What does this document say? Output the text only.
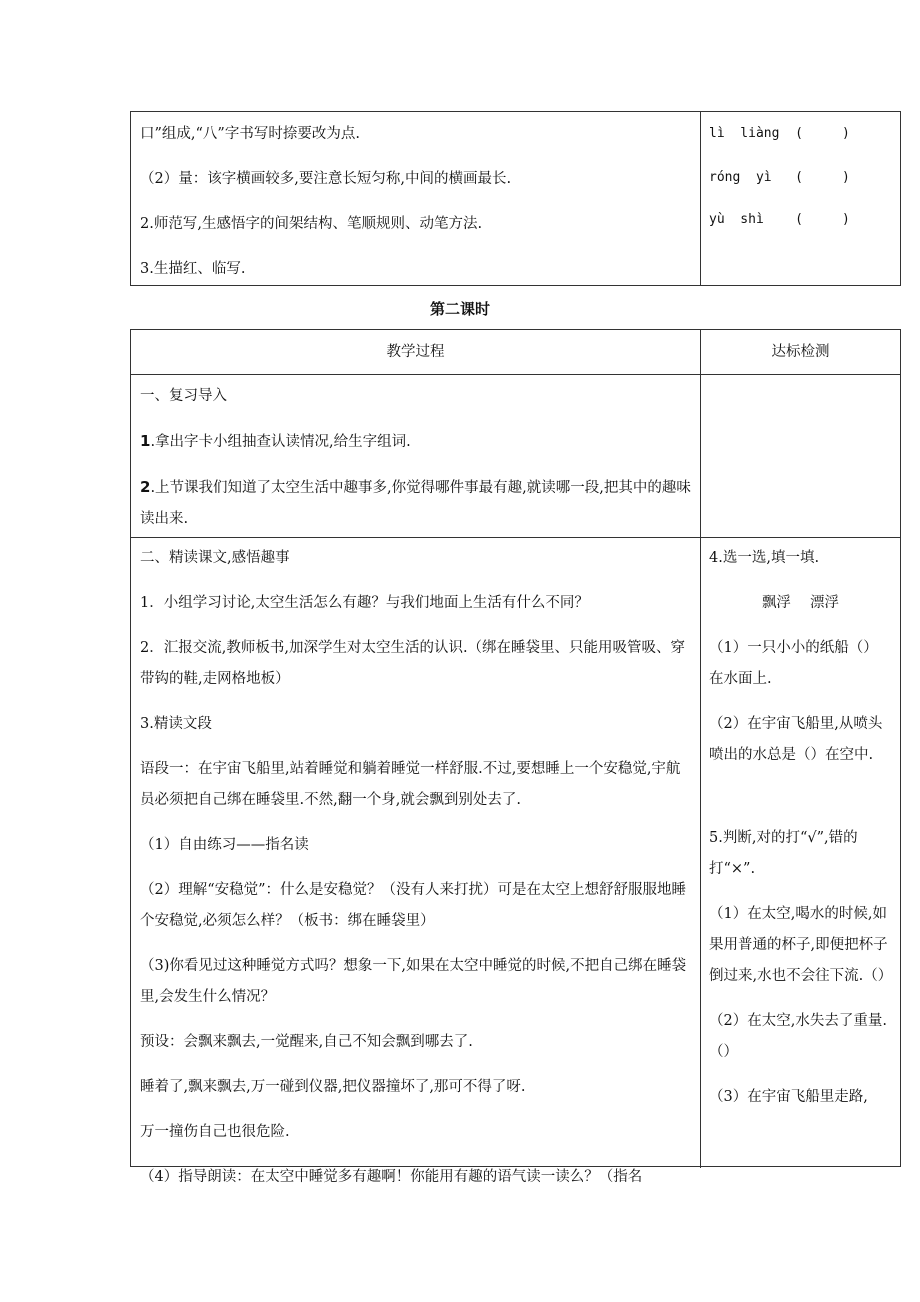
口”组成,“八”字书写时捺要改为点.

（2）量：该字横画较多,要注意长短匀称,中间的横画最长.

2.师范写,生感悟字的间架结构、笔顺规则、动笔方法.

3.生描红、临写.

lì  liàng  (     )

róng  yì   (     )

yù  shì    (     )

第二课时
教学过程	达标检测

一、复习导入

1.拿出字卡小组抽查认读情况,给生字组词.

2.上节课我们知道了太空生活中趣事多,你觉得哪件事最有趣,就读哪一段,把其中的趣味读出来.

二、精读课文,感悟趣事

1．小组学习讨论,太空生活怎么有趣？与我们地面上生活有什么不同？

2．汇报交流,教师板书,加深学生对太空生活的认识.（绑在睡袋里、只能用吸管吸、穿带钩的鞋,走网格地板）

3.精读文段

语段一：在宇宙飞船里,站着睡觉和躺着睡觉一样舒服.不过,要想睡上一个安稳觉,宇航员必须把自己绑在睡袋里.不然,翻一个身,就会飘到别处去了.

（1）自由练习——指名读

（2）理解“安稳觉”：什么是安稳觉？（没有人来打扰）可是在太空上想舒舒服服地睡个安稳觉,必须怎么样？（板书：绑在睡袋里）

（3)你看见过这种睡觉方式吗？想象一下,如果在太空中睡觉的时候,不把自己绑在睡袋里,会发生什么情况？

预设：会飘来飘去,一觉醒来,自己不知会飘到哪去了.

睡着了,飘来飘去,万一碰到仪器,把仪器撞坏了,那可不得了呀.

万一撞伤自己也很危险.

（4）指导朗读：在太空中睡觉多有趣啊！你能用有趣的语气读一读么？（指名

4.选一选,填一填.

飘浮　 漂浮

（1）一只小小的纸船（）在水面上.

（2）在宇宙飞船里,从喷头喷出的水总是（）在空中.

5.判断,对的打“√”,错的打“×”.

（1）在太空,喝水的时候,如果用普通的杯子,即便把杯子倒过来,水也不会往下流.（）

（2）在太空,水失去了重量.（）

（3）在宇宙飞船里走路,
